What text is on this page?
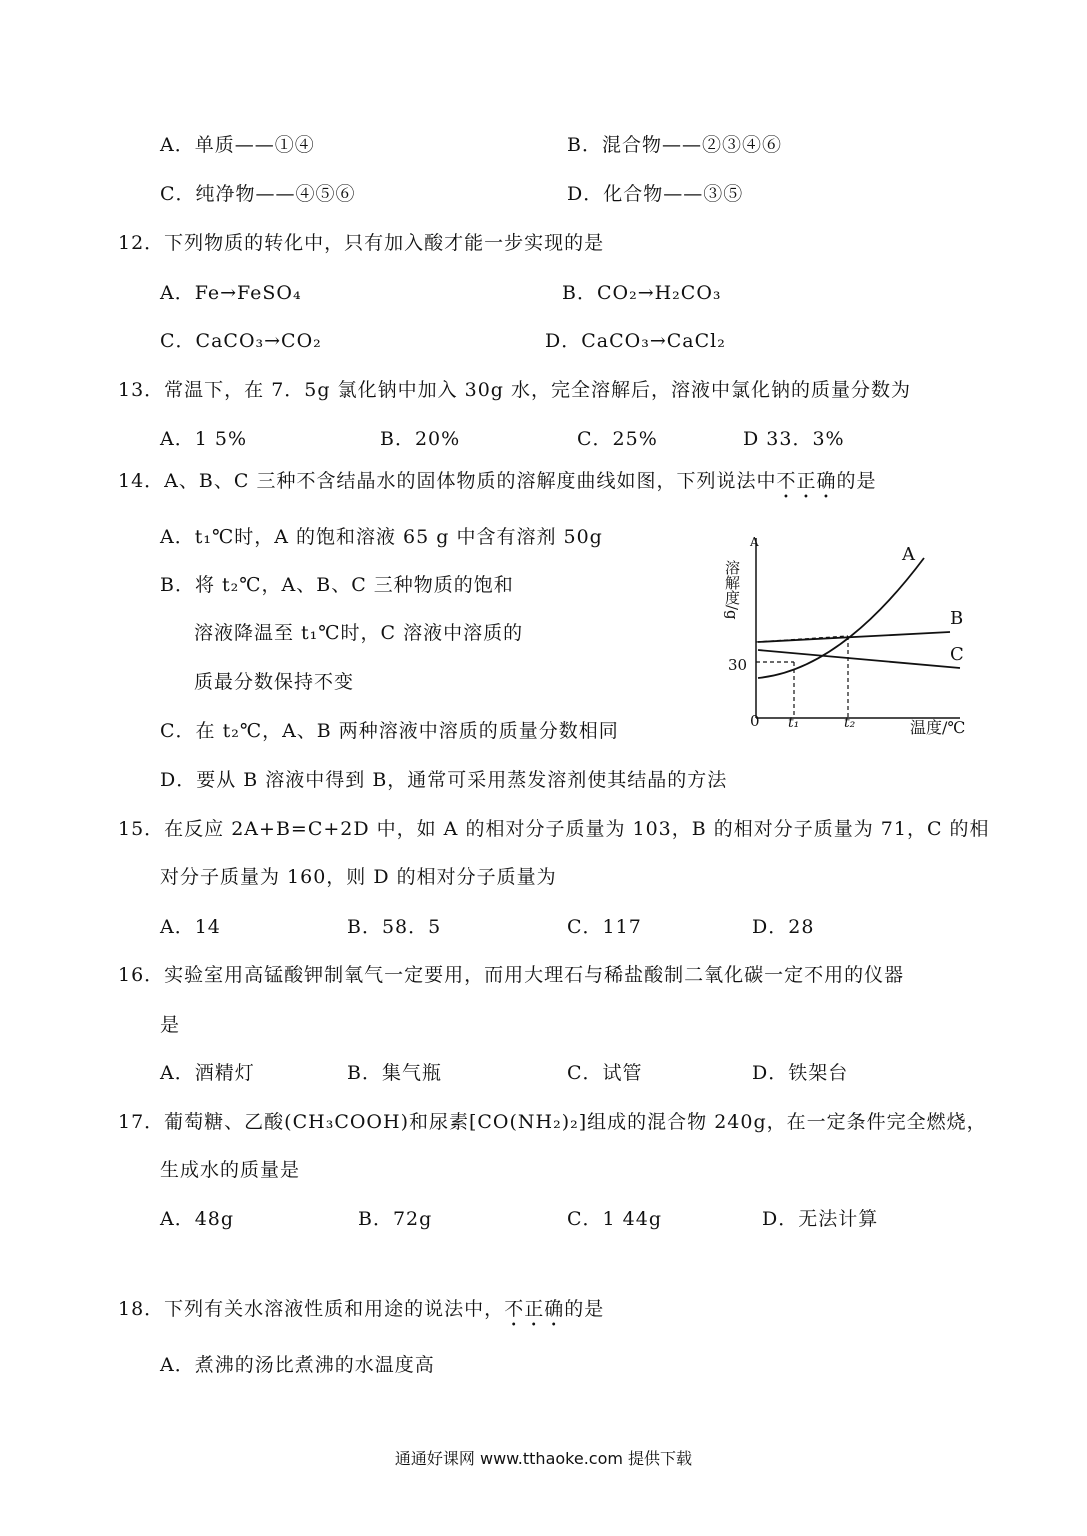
A．单质——①④	B．混合物——②③④⑥
C．纯净物——④⑤⑥	D．化合物——③⑤
12．下列物质的转化中，只有加入酸才能一步实现的是
A．Fe→FeSO₄	B．CO₂→H₂CO₃
C．CaCO₃→CO₂	D．CaCO₃→CaCl₂
13．常温下，在 7．5g 氯化钠中加入 30g 水，完全溶解后，溶液中氯化钠的质量分数为
A．1 5%	B．20%	C．25%	D 33．3%
14．A、B、C 三种不含结晶水的固体物质的溶解度曲线如图，下列说法中不正确的是
A．t₁℃时，A 的饱和溶液 65 g 中含有溶剂 50g
B．将 t₂℃，A、B、C 三种物质的饱和
溶液降温至 t₁℃时，C 溶液中溶质的
质最分数保持不变
C．在 t₂℃，A、B 两种溶液中溶质的质量分数相同
D．要从 B 溶液中得到 B，通常可采用蒸发溶剂使其结晶的方法
溶解度/g
A
30
0 t₁	t₂	温度/℃
A
B
C
15．在反应 2A+B=C+2D 中，如 A 的相对分子质量为 103，B 的相对分子质量为 71，C 的相
对分子质量为 160，则 D 的相对分子质量为
A．14	B．58．5	C．117	D．28
16．实验室用高锰酸钾制氧气一定要用，而用大理石与稀盐酸制二氧化碳一定不用的仪器
是
A．酒精灯	B．集气瓶	C．试管	D．铁架台
17．葡萄糖、乙酸(CH₃COOH)和尿素[CO(NH₂)₂]组成的混合物 240g，在一定条件完全燃烧，
生成水的质量是
A．48g	B．72g	C．1 44g	D．无法计算
18．下列有关水溶液性质和用途的说法中，不正确的是
A．煮沸的汤比煮沸的水温度高
通通好课网 www.tthaoke.com 提供下载
